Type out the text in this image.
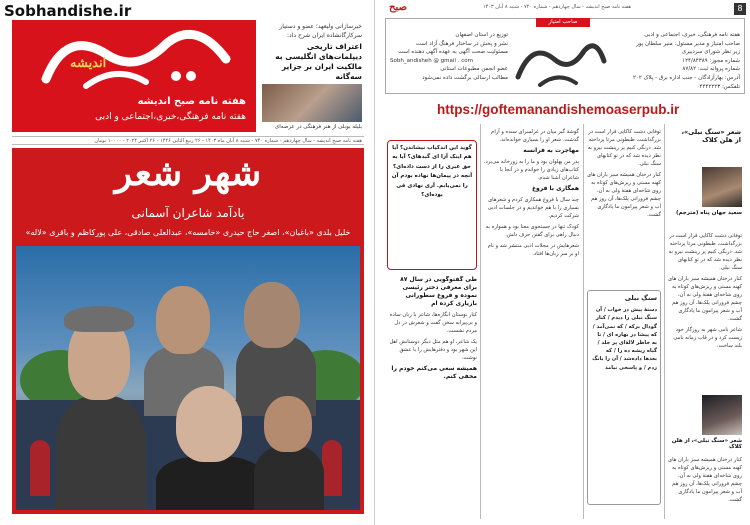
Sobhandishe.ir
اندیشه
هفته نامه صبح اندیشه
هفته نامه فرهنگی،خبری،اجتماعی و ادبی
خبرسازانی ولیعهد؛ عضو و دستیار سرکارگانشاده ایران شرح داد:
اعتراف تاریخی دیپلمات‌های انگلیسی به مالکیت ایران بر جزایر سه‌گانه
بلیله بوبلی از هنر فرهنگی در عرصه‌ای
هفته نامه صبح اندیشه - سال چهاردهم - شماره ۷۴۰ - شنبه ۸ آبان ماه ۱۴۰۳ - ۲۶ ربیع الثانی ۱۴۴۶ - ۲۶ اکتبر ۲۰۲۴ - ۱۰۰۰۰ تومان
شهر شعر
یادآمد شاعران آسمانی
خلیل بلدی «باغبان»، اصغر حاج حیدری «خامسه»، عبدالعلی صادقی، علی پورکاظم و باقری «لاله»
صبح	هفته نامه صبح اندیشه - سال چهاردهم - شماره ۷۴۰ - شنبه ۸ آبان ۱۴۰۳	8
صاحب امتیاز
هفته نامه فرهنگی، خبری، اجتماعی و ادبی
صاحب امتیاز و مدیر مسئول: منیر سلطان پور
زیر نظر شورای سردبیری
شماره مجوز: ۱۲۴/۸۴۳۸۹
شماره پروانه ثبت: ۸۷/۸۲
آدرس: بهارآزادگان - جنب اداره برق - پلاک ۲۰۲
تلفکس: ۰۴۴۴۲۲۲۳
توزیع در استان اصفهان
نشر و پخش در ساختار فرهنگ آزاد است
مسئولیت صحت آگهی به عهده آگهی دهنده است
Sobh_andisheh @ gmail . com
عضو انجمن مطبوعات استانی
مطالب ارسالی برگشت داده نمی‌شود
https://goftemanandishemoaserpub.ir
شعر «سنگ نبلی»، از هلن کلاک
سعید جهان پناه (مترجم)
شعر «سنگ نبلی»، از هلن کلاک

توفانی دشت کاکایی قرار است در بزرگداشت، ظبطونی مرتا پرداخته شد. درنگی کنیم پر رینشت نیرو به نظر دیده شد که در تو کتابهای سنگ نبلی.

کنار درختان همیشه سبز باران های کهنه مستی و ریزش‌های کوتاه به روی شاخه‌ای هفتهٔ ولی نه آن، چشم فرورانی پلک‌ها، آن روز هم آب و شعر پیرامون ما یادگاری گشت.

شاعر نامی شهر به روزگار خود زیست کرد و در قاب زمانه نامی بلند ساخت.

کنار درختان همیشه سبز باران های کهنه مستی و ریزش‌های کوتاه به روی شاخه‌ای هفتهٔ ولی نه آن، چشم فرورانی پلک‌ها، آن روز هم آب و شعر پیرامون ما یادگاری گشت.

توفانی دشت کاکایی قرار است در بزرگداشت، ظبطونی مرتا پرداخته شد. درنگی کنیم پر رینشت نیرو به نظر دیده شد که در تو کتابهای سنگ نبلی.

کنار درختان همیشه سبز باران های کهنه مستی و ریزش‌های کوتاه به روی شاخه‌ای هفتهٔ ولی نه آن، چشم فرورانی پلک‌ها، آن روز هم آب و شعر پیرامون ما یادگاری گشت.

سنگ نبلی
دستهٔ پیش در خواب / آن سنگ نبلی را دیدم / کنار گودال برکه / که نمی‌آمد / که پیشا در بهاره ای / تا به خاطر لالهٔ‌ای پر جلد / گیاه ریشه ده را / که بعدها داده‌شد / آن را بانگ زدم / و پاسخی نیامد

گوشهٔ گیر میان در غزلسرای سنده و آرام گذشت. شعر او را بسیاری خوانده‌اند.

مهاجرت به فرانسه

پدر من پهلوان بود و ما را به زورخانه می‌برد. کتاب‌های زیادی را خواندم و در آنجا با شاعران آشنا شدم.

همگاری با فروغ

چند سال با فروغ همکاری کردم و شعرهای بسیاری را با هم خواندیم و در جلسات ادبی شرکت کردیم.

کودک تنها در جستجوی معنا بود و همواره به دنبال راهی برای گفتن حرف دلش.

شعرهایش در مجلات ادبی منتشر شد و نام او بر سر زبان‌ها افتاد.

گوید این اندکیاب نیشاندن؟ آیا هم اینک آزا ای گبدهای؟ آیا به حق عبری را از دست داده‌ای؟ آنچه در پیمان‌ها نهاده بودم آن را نمی‌یابم. آری نهادی فی بوده‌ای؟

طی گفتوگویی در سال ۸۷ برای معرفی‌ دختر رئیسی نموده و فروغ سطورانی بازیاری کرده ام

کنار بوستان انگاره‌ها، شاعر با زبان ساده و بی‌پیرایه سخن گفت و شعرش در دل مردم نشست.

یک شاعر، او هم مثل دیگر دوستانش اهل این شهر بود و دفترهایش را با عشق نوشت.

همیشه سعی می‌کنم خودم را مخفی کنم.
